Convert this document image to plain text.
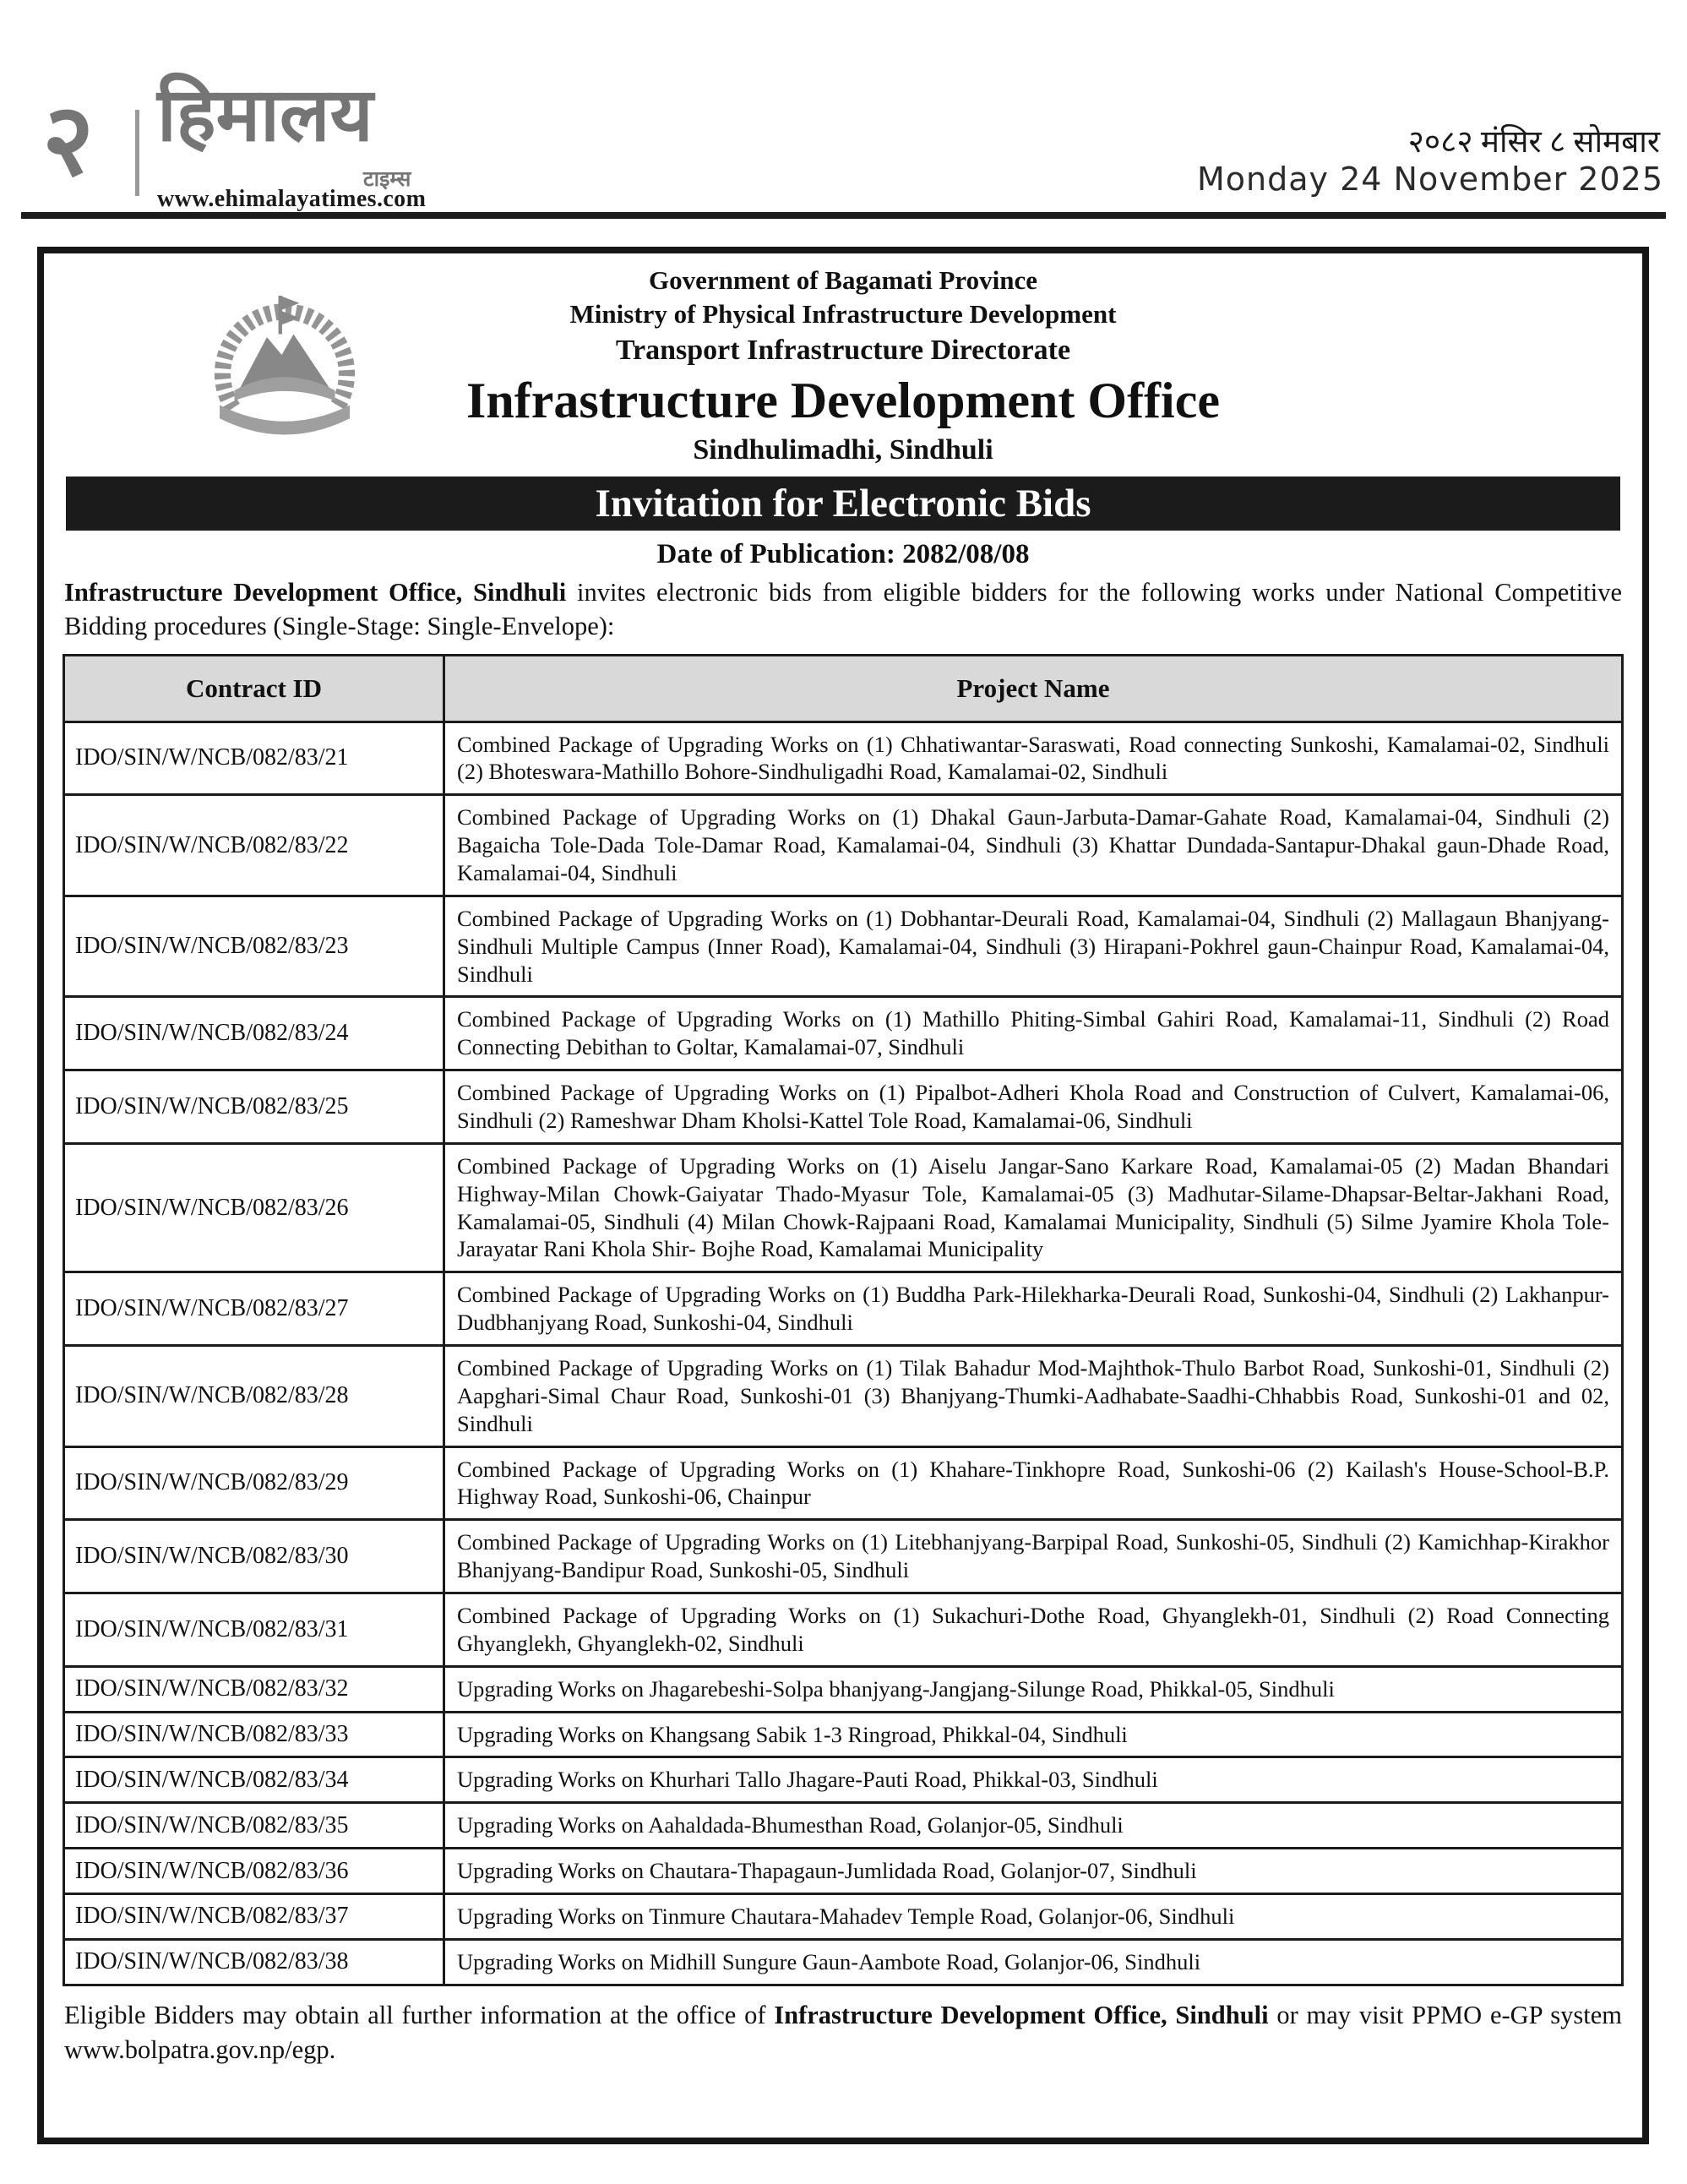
२ हिमालय
टाइम्स
www.ehimalayatimes.com
२०८२ मंसिर ८ सोमबार
Monday 24 November 2025
Government of Bagamati Province
Ministry of Physical Infrastructure Development
Transport Infrastructure Directorate
Infrastructure Development Office
Sindhulimadhi, Sindhuli
Invitation for Electronic Bids
Date of Publication: 2082/08/08

Infrastructure Development Office, Sindhuli invites electronic bids from eligible bidders for the following works under National Competitive Bidding procedures (Single-Stage: Single-Envelope):

Contract ID	Project Name
IDO/SIN/W/NCB/082/83/21	Combined Package of Upgrading Works on (1) Chhatiwantar-Saraswati, Road connecting Sunkoshi, Kamalamai-02, Sindhuli (2) Bhoteswara-Mathillo Bohore-Sindhuligadhi Road, Kamalamai-02, Sindhuli
IDO/SIN/W/NCB/082/83/22	Combined Package of Upgrading Works on (1) Dhakal Gaun-Jarbuta-Damar-Gahate Road, Kamalamai-04, Sindhuli (2) Bagaicha Tole-Dada Tole-Damar Road, Kamalamai-04, Sindhuli (3) Khattar Dundada-Santapur-Dhakal gaun-Dhade Road, Kamalamai-04, Sindhuli
IDO/SIN/W/NCB/082/83/23	Combined Package of Upgrading Works on (1) Dobhantar-Deurali Road, Kamalamai-04, Sindhuli (2) Mallagaun Bhanjyang-Sindhuli Multiple Campus (Inner Road), Kamalamai-04, Sindhuli (3) Hirapani-Pokhrel gaun-Chainpur Road, Kamalamai-04, Sindhuli
IDO/SIN/W/NCB/082/83/24	Combined Package of Upgrading Works on (1) Mathillo Phiting-Simbal Gahiri Road, Kamalamai-11, Sindhuli (2) Road Connecting Debithan to Goltar, Kamalamai-07, Sindhuli
IDO/SIN/W/NCB/082/83/25	Combined Package of Upgrading Works on (1) Pipalbot-Adheri Khola Road and Construction of Culvert, Kamalamai-06, Sindhuli (2) Rameshwar Dham Kholsi-Kattel Tole Road, Kamalamai-06, Sindhuli
IDO/SIN/W/NCB/082/83/26	Combined Package of Upgrading Works on (1) Aiselu Jangar-Sano Karkare Road, Kamalamai-05 (2) Madan Bhandari Highway-Milan Chowk-Gaiyatar Thado-Myasur Tole, Kamalamai-05 (3) Madhutar-Silame-Dhapsar-Beltar-Jakhani Road, Kamalamai-05, Sindhuli (4) Milan Chowk-Rajpaani Road, Kamalamai Municipality, Sindhuli (5) Silme Jyamire Khola Tole-Jarayatar Rani Khola Shir- Bojhe Road, Kamalamai Municipality
IDO/SIN/W/NCB/082/83/27	Combined Package of Upgrading Works on (1) Buddha Park-Hilekharka-Deurali Road, Sunkoshi-04, Sindhuli (2) Lakhanpur-Dudbhanjyang Road, Sunkoshi-04, Sindhuli
IDO/SIN/W/NCB/082/83/28	Combined Package of Upgrading Works on (1) Tilak Bahadur Mod-Majhthok-Thulo Barbot Road, Sunkoshi-01, Sindhuli (2) Aapghari-Simal Chaur Road, Sunkoshi-01 (3) Bhanjyang-Thumki-Aadhabate-Saadhi-Chhabbis Road, Sunkoshi-01 and 02, Sindhuli
IDO/SIN/W/NCB/082/83/29	Combined Package of Upgrading Works on (1) Khahare-Tinkhopre Road, Sunkoshi-06 (2) Kailash's House-School-B.P. Highway Road, Sunkoshi-06, Chainpur
IDO/SIN/W/NCB/082/83/30	Combined Package of Upgrading Works on (1) Litebhanjyang-Barpipal Road, Sunkoshi-05, Sindhuli (2) Kamichhap-Kirakhor Bhanjyang-Bandipur Road, Sunkoshi-05, Sindhuli
IDO/SIN/W/NCB/082/83/31	Combined Package of Upgrading Works on (1) Sukachuri-Dothe Road, Ghyanglekh-01, Sindhuli (2) Road Connecting Ghyanglekh, Ghyanglekh-02, Sindhuli
IDO/SIN/W/NCB/082/83/32	Upgrading Works on Jhagarebeshi-Solpa bhanjyang-Jangjang-Silunge Road, Phikkal-05, Sindhuli
IDO/SIN/W/NCB/082/83/33	Upgrading Works on Khangsang Sabik 1-3 Ringroad, Phikkal-04, Sindhuli
IDO/SIN/W/NCB/082/83/34	Upgrading Works on Khurhari Tallo Jhagare-Pauti Road, Phikkal-03, Sindhuli
IDO/SIN/W/NCB/082/83/35	Upgrading Works on Aahaldada-Bhumesthan Road, Golanjor-05, Sindhuli
IDO/SIN/W/NCB/082/83/36	Upgrading Works on Chautara-Thapagaun-Jumlidada Road, Golanjor-07, Sindhuli
IDO/SIN/W/NCB/082/83/37	Upgrading Works on Tinmure Chautara-Mahadev Temple Road, Golanjor-06, Sindhuli
IDO/SIN/W/NCB/082/83/38	Upgrading Works on Midhill Sungure Gaun-Aambote Road, Golanjor-06, Sindhuli

Eligible Bidders may obtain all further information at the office of Infrastructure Development Office, Sindhuli or may visit PPMO e-GP system www.bolpatra.gov.np/egp.
